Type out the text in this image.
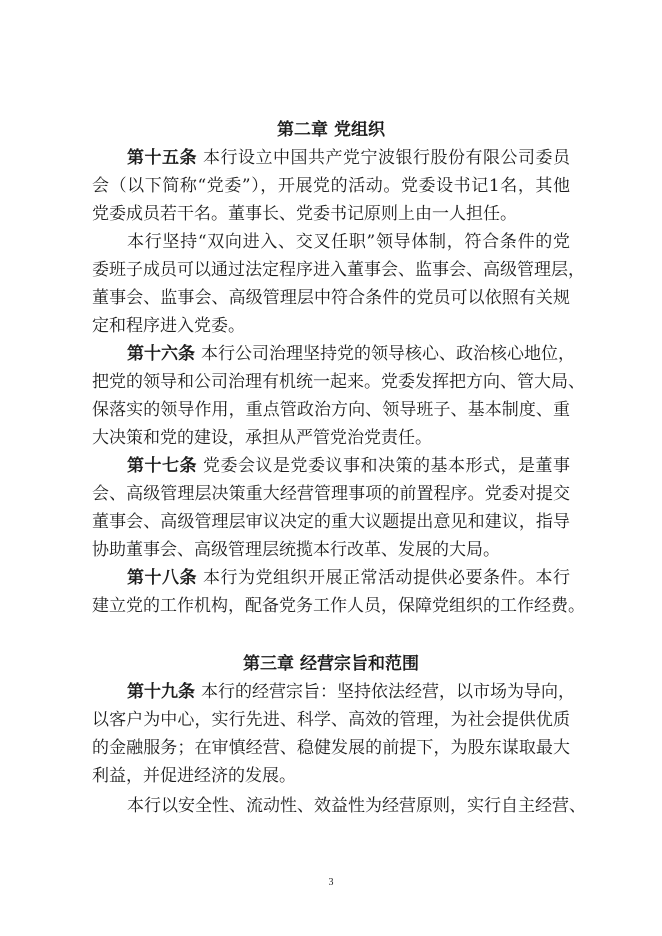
第二章 党组织
第十五条 本行设立中国共产党宁波银行股份有限公司委员
会（以下简称“党委”），开展党的活动。党委设书记1名，其他
党委成员若干名。董事长、党委书记原则上由一人担任。
本行坚持“双向进入、交叉任职”领导体制，符合条件的党
委班子成员可以通过法定程序进入董事会、监事会、高级管理层，
董事会、监事会、高级管理层中符合条件的党员可以依照有关规
定和程序进入党委。
第十六条 本行公司治理坚持党的领导核心、政治核心地位，
把党的领导和公司治理有机统一起来。党委发挥把方向、管大局、
保落实的领导作用，重点管政治方向、领导班子、基本制度、重
大决策和党的建设，承担从严管党治党责任。
第十七条 党委会议是党委议事和决策的基本形式，是董事
会、高级管理层决策重大经营管理事项的前置程序。党委对提交
董事会、高级管理层审议决定的重大议题提出意见和建议，指导
协助董事会、高级管理层统揽本行改革、发展的大局。
第十八条 本行为党组织开展正常活动提供必要条件。本行
建立党的工作机构，配备党务工作人员，保障党组织的工作经费。
第三章 经营宗旨和范围
第十九条 本行的经营宗旨：坚持依法经营，以市场为导向，
以客户为中心，实行先进、科学、高效的管理，为社会提供优质
的金融服务；在审慎经营、稳健发展的前提下，为股东谋取最大
利益，并促进经济的发展。
本行以安全性、流动性、效益性为经营原则，实行自主经营、
3
